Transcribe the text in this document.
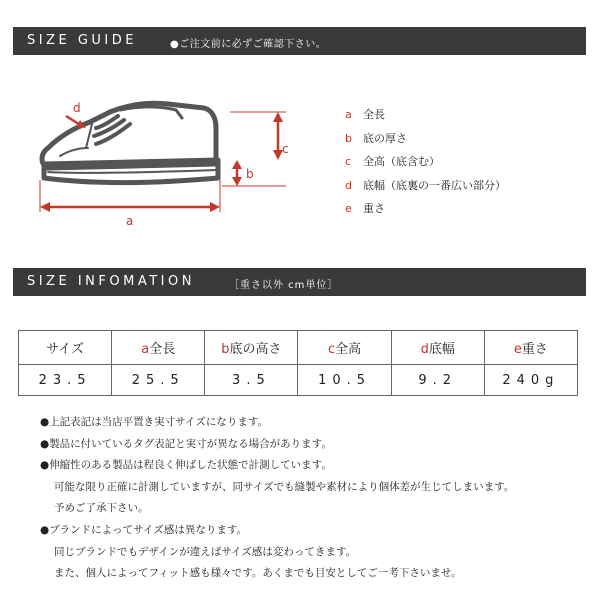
SIZE GUIDE	●ご注文前に必ずご確認下さい。
a
c
b
d	a 全長
b 底の厚さ
c 全高（底含む）
d 底幅（底裏の一番広い部分）
e 重さ
SIZE INFOMATION	［重さ以外 cm単位］
サイズ	a全長	b底の高さ	c全高	d底幅	e重さ
23.5	25.5	3.5	10.5	9.2	240g
●上記表記は当店平置き実寸サイズになります。
●製品に付いているタグ表記と実寸が異なる場合があります。
●伸縮性のある製品は程良く伸ばした状態で計測しています。
可能な限り正確に計測していますが、同サイズでも縫製や素材により個体差が生じてしまいます。
予めご了承下さい。
●ブランドによってサイズ感は異なります。
同じブランドでもデザインが違えばサイズ感は変わってきます。
また、個人によってフィット感も様々です。あくまでも目安としてご一考下さいませ。
